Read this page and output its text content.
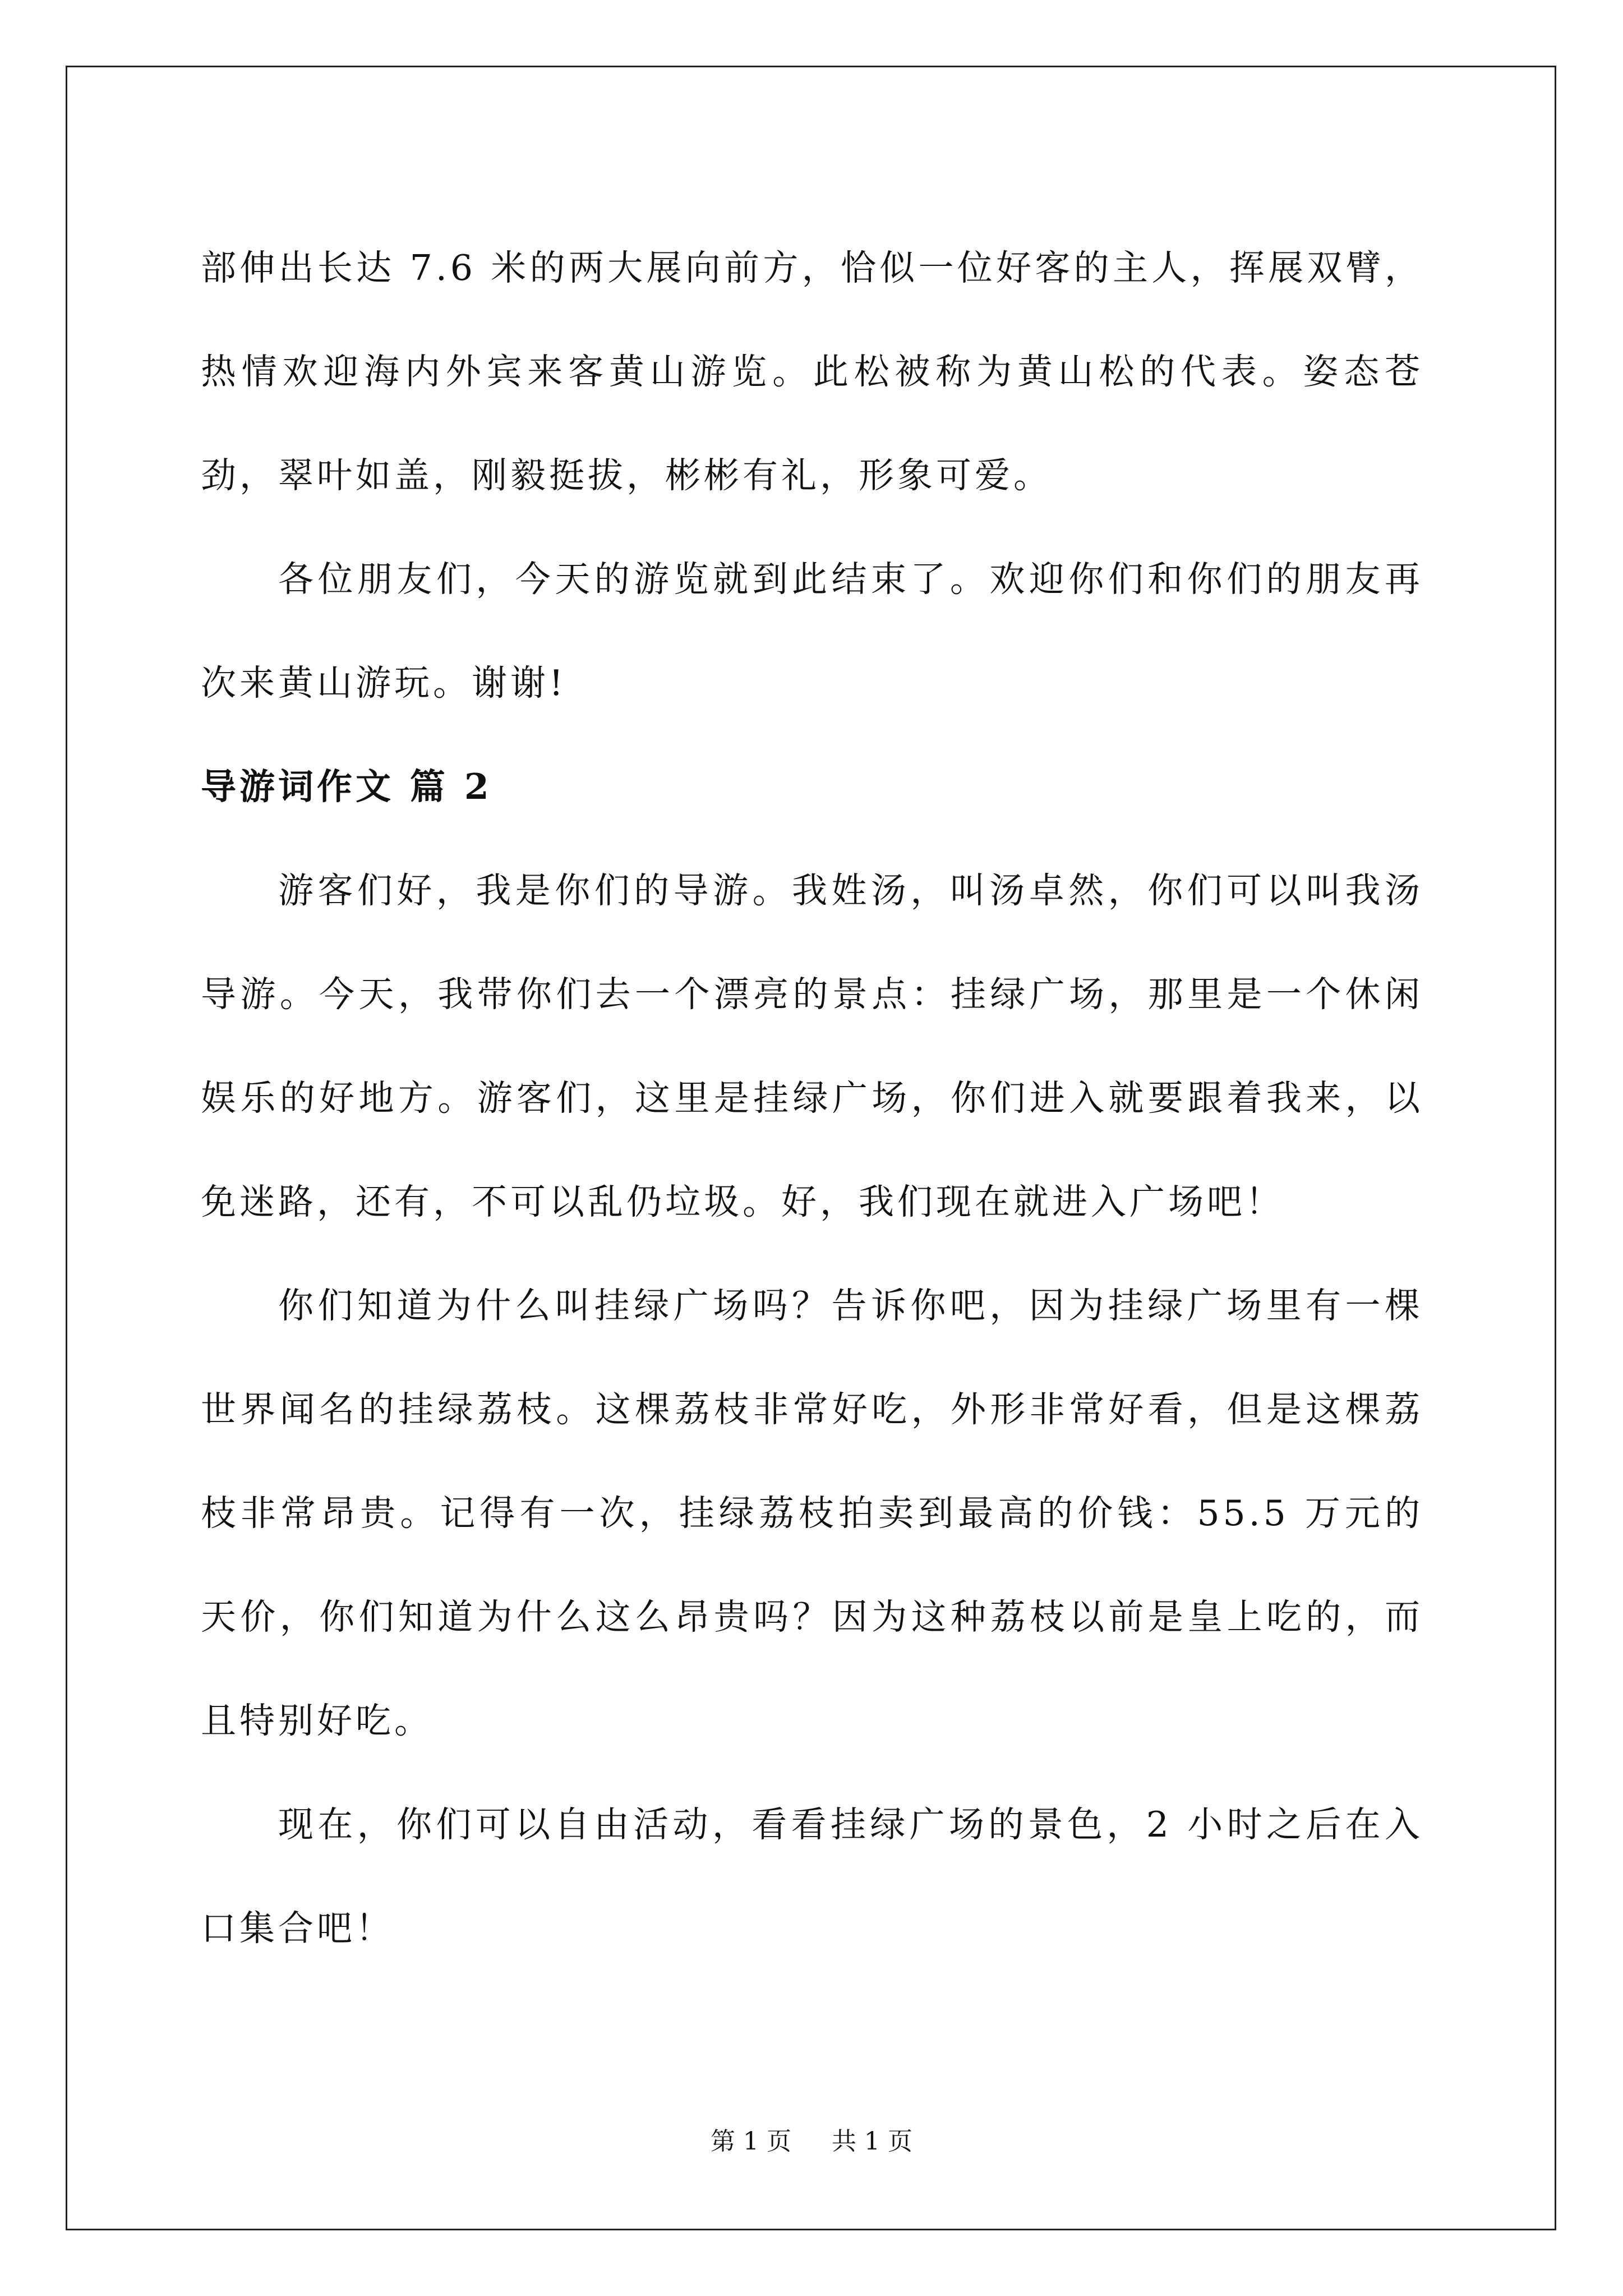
部伸出长达 7.6 米的两大展向前方，恰似一位好客的主人，挥展双臂，热情欢迎海内外宾来客黄山游览。此松被称为黄山松的代表。姿态苍劲，翠叶如盖，刚毅挺拔，彬彬有礼，形象可爱。

各位朋友们，今天的游览就到此结束了。欢迎你们和你们的朋友再次来黄山游玩。谢谢!

导游词作文 篇 2

游客们好，我是你们的导游。我姓汤，叫汤卓然，你们可以叫我汤导游。今天，我带你们去一个漂亮的景点：挂绿广场，那里是一个休闲娱乐的好地方。游客们，这里是挂绿广场，你们进入就要跟着我来，以免迷路，还有，不可以乱仍垃圾。好，我们现在就进入广场吧！

你们知道为什么叫挂绿广场吗？告诉你吧，因为挂绿广场里有一棵世界闻名的挂绿荔枝。这棵荔枝非常好吃，外形非常好看，但是这棵荔枝非常昂贵。记得有一次，挂绿荔枝拍卖到最高的价钱：55.5 万元的天价，你们知道为什么这么昂贵吗？因为这种荔枝以前是皇上吃的，而且特别好吃。

现在，你们可以自由活动，看看挂绿广场的景色，2 小时之后在入口集合吧！

第 1 页 共 1 页
